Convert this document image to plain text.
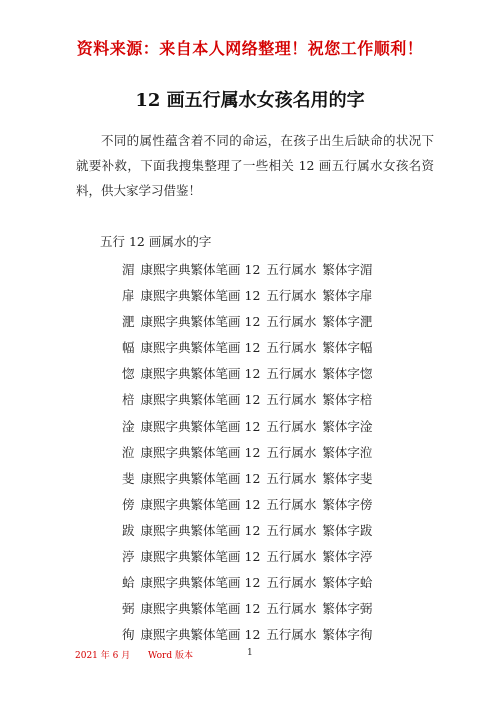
资料来源：来自本人网络整理！祝您工作顺利！
12 画五行属水女孩名用的字

不同的属性蕴含着不同的命运，在孩子出生后缺命的状况下就要补救，下面我搜集整理了一些相关 12 画五行属水女孩名资料，供大家学习借鉴！

五行 12 画属水的字
湄 康熙字典繁体笔画 12 五行属水 繁体字湄
扉 康熙字典繁体笔画 12 五行属水 繁体字扉
淝 康熙字典繁体笔画 12 五行属水 繁体字淝
幅 康熙字典繁体笔画 12 五行属水 繁体字幅
惚 康熙字典繁体笔画 12 五行属水 繁体字惚
棓 康熙字典繁体笔画 12 五行属水 繁体字棓
淦 康熙字典繁体笔画 12 五行属水 繁体字淦
涖 康熙字典繁体笔画 12 五行属水 繁体字涖
斐 康熙字典繁体笔画 12 五行属水 繁体字斐
傍 康熙字典繁体笔画 12 五行属水 繁体字傍
跋 康熙字典繁体笔画 12 五行属水 繁体字跋
渟 康熙字典繁体笔画 12 五行属水 繁体字渟
蛤 康熙字典繁体笔画 12 五行属水 繁体字蛤
弼 康熙字典繁体笔画 12 五行属水 繁体字弼
徇 康熙字典繁体笔画 12 五行属水 繁体字徇
2021 年 6 月 Word 版本	1
